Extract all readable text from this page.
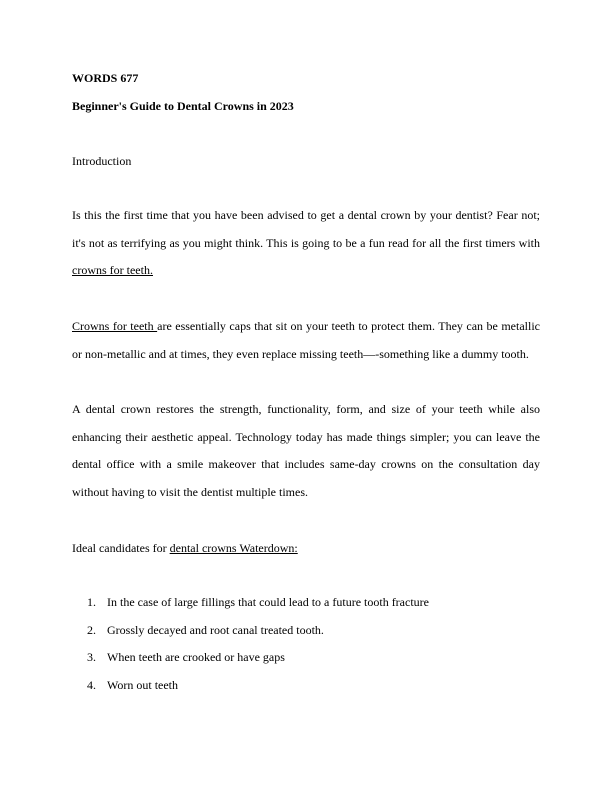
WORDS 677
Beginner's Guide to Dental Crowns in 2023
Introduction

Is this the first time that you have been advised to get a dental crown by your dentist? Fear not; it's not as terrifying as you might think. This is going to be a fun read for all the first timers with crowns for teeth.

Crowns for teeth are essentially caps that sit on your teeth to protect them. They can be metallic or non-metallic and at times, they even replace missing teeth—-something like a dummy tooth.

A dental crown restores the strength, functionality, form, and size of your teeth while also enhancing their aesthetic appeal. Technology today has made things simpler; you can leave the dental office with a smile makeover that includes same-day crowns on the consultation day without having to visit the dentist multiple times.

Ideal candidates for dental crowns Waterdown:
1. In the case of large fillings that could lead to a future tooth fracture
2. Grossly decayed and root canal treated tooth.
3. When teeth are crooked or have gaps
4. Worn out teeth
